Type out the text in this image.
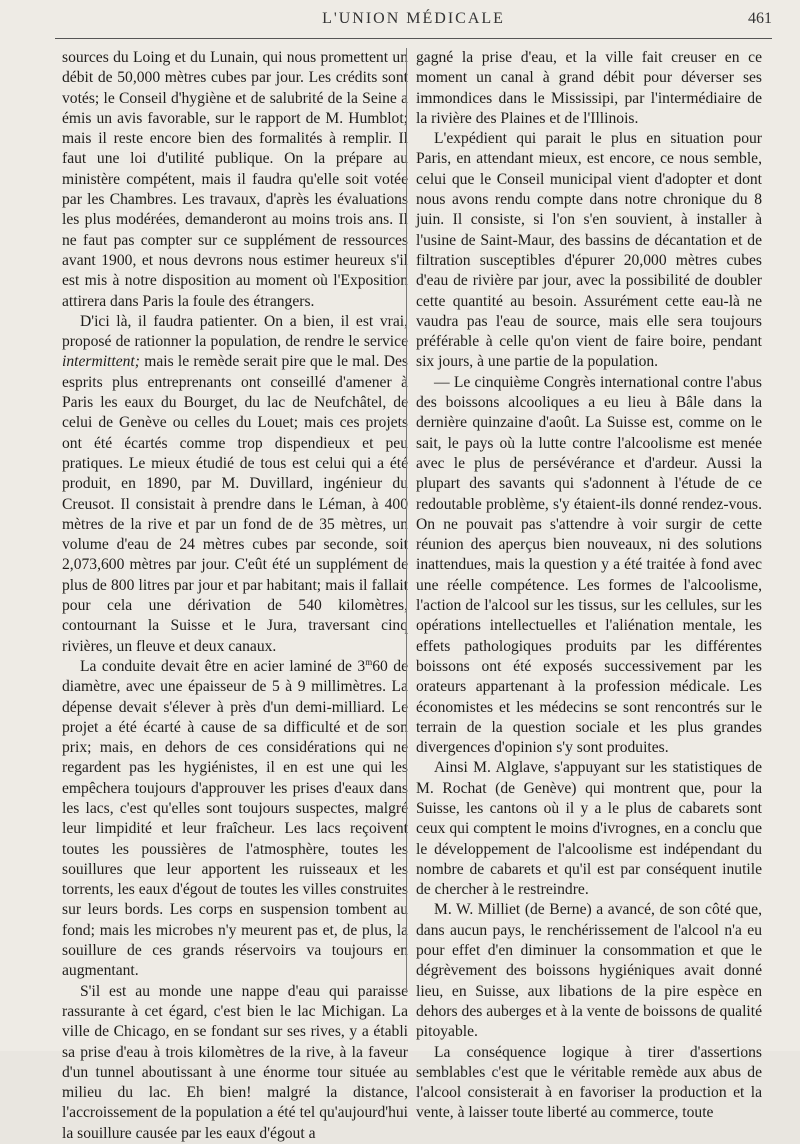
L'UNION MÉDICALE	461

sources du Loing et du Lunain, qui nous promettent un débit de 50,000 mètres cubes par jour. Les crédits sont votés; le Conseil d'hygiène et de salubrité de la Seine a émis un avis favorable, sur le rapport de M. Humblot; mais il reste encore bien des formalités à remplir. Il faut une loi d'utilité publique. On la prépare au ministère compétent, mais il faudra qu'elle soit votée par les Chambres. Les travaux, d'après les évaluations les plus modérées, demanderont au moins trois ans. Il ne faut pas compter sur ce supplément de ressources avant 1900, et nous devrons nous estimer heureux s'il est mis à notre disposition au moment où l'Exposition attirera dans Paris la foule des étrangers.

D'ici là, il faudra patienter. On a bien, il est vrai, proposé de rationner la population, de rendre le service intermittent; mais le remède serait pire que le mal. Des esprits plus entreprenants ont conseillé d'amener à Paris les eaux du Bourget, du lac de Neufchâtel, de celui de Genève ou celles du Louet; mais ces projets ont été écartés comme trop dispendieux et peu pratiques. Le mieux étudié de tous est celui qui a été produit, en 1890, par M. Duvillard, ingénieur du Creusot. Il consistait à prendre dans le Léman, à 400 mètres de la rive et par un fond de de 35 mètres, un volume d'eau de 24 mètres cubes par seconde, soit 2,073,600 mètres par jour. C'eût été un supplément de plus de 800 litres par jour et par habitant; mais il fallait pour cela une dérivation de 540 kilomètres, contournant la Suisse et le Jura, traversant cinq rivières, un fleuve et deux canaux.

La conduite devait être en acier laminé de 3$^m$60 de diamètre, avec une épaisseur de 5 à 9 millimètres. La dépense devait s'élever à près d'un demi-milliard. Le projet a été écarté à cause de sa difficulté et de son prix; mais, en dehors de ces considérations qui ne regardent pas les hygiénistes, il en est une qui les empêchera toujours d'approuver les prises d'eaux dans les lacs, c'est qu'elles sont toujours suspectes, malgré leur limpidité et leur fraîcheur. Les lacs reçoivent toutes les poussières de l'atmosphère, toutes les souillures que leur apportent les ruisseaux et les torrents, les eaux d'égout de toutes les villes construites sur leurs bords. Les corps en suspension tombent au fond; mais les microbes n'y meurent pas et, de plus, la souillure de ces grands réservoirs va toujours en augmentant.

S'il est au monde une nappe d'eau qui paraisse rassurante à cet égard, c'est bien le lac Michigan. La ville de Chicago, en se fondant sur ses rives, y a établi sa prise d'eau à trois kilomètres de la rive, à la faveur d'un tunnel aboutissant à une énorme tour située au milieu du lac. Eh bien! malgré la distance, l'accroissement de la population a été tel qu'aujourd'hui la souillure causée par les eaux d'égout a

gagné la prise d'eau, et la ville fait creuser en ce moment un canal à grand débit pour déverser ses immondices dans le Mississipi, par l'intermédiaire de la rivière des Plaines et de l'Illinois.

L'expédient qui parait le plus en situation pour Paris, en attendant mieux, est encore, ce nous semble, celui que le Conseil municipal vient d'adopter et dont nous avons rendu compte dans notre chronique du 8 juin. Il consiste, si l'on s'en souvient, à installer à l'usine de Saint-Maur, des bassins de décantation et de filtration susceptibles d'épurer 20,000 mètres cubes d'eau de rivière par jour, avec la possibilité de doubler cette quantité au besoin. Assurément cette eau-là ne vaudra pas l'eau de source, mais elle sera toujours préférable à celle qu'on vient de faire boire, pendant six jours, à une partie de la population.

— Le cinquième Congrès international contre l'abus des boissons alcooliques a eu lieu à Bâle dans la dernière quinzaine d'août. La Suisse est, comme on le sait, le pays où la lutte contre l'alcoolisme est menée avec le plus de persévérance et d'ardeur. Aussi la plupart des savants qui s'adonnent à l'étude de ce redoutable problème, s'y étaient-ils donné rendez-vous. On ne pouvait pas s'attendre à voir surgir de cette réunion des aperçus bien nouveaux, ni des solutions inattendues, mais la question y a été traitée à fond avec une réelle compétence. Les formes de l'alcoolisme, l'action de l'alcool sur les tissus, sur les cellules, sur les opérations intellectuelles et l'aliénation mentale, les effets pathologiques produits par les différentes boissons ont été exposés successivement par les orateurs appartenant à la profession médicale. Les économistes et les médecins se sont rencontrés sur le terrain de la question sociale et les plus grandes divergences d'opinion s'y sont produites.

Ainsi M. Alglave, s'appuyant sur les statistiques de M. Rochat (de Genève) qui montrent que, pour la Suisse, les cantons où il y a le plus de cabarets sont ceux qui comptent le moins d'ivrognes, en a conclu que le développement de l'alcoolisme est indépendant du nombre de cabarets et qu'il est par conséquent inutile de chercher à le restreindre.

M. W. Milliet (de Berne) a avancé, de son côté que, dans aucun pays, le renchérissement de l'alcool n'a eu pour effet d'en diminuer la consommation et que le dégrèvement des boissons hygiéniques avait donné lieu, en Suisse, aux libations de la pire espèce en dehors des auberges et à la vente de boissons de qualité pitoyable.

La conséquence logique à tirer d'assertions semblables c'est que le véritable remède aux abus de l'alcool consisterait à en favoriser la production et la vente, à laisser toute liberté au commerce, toute
